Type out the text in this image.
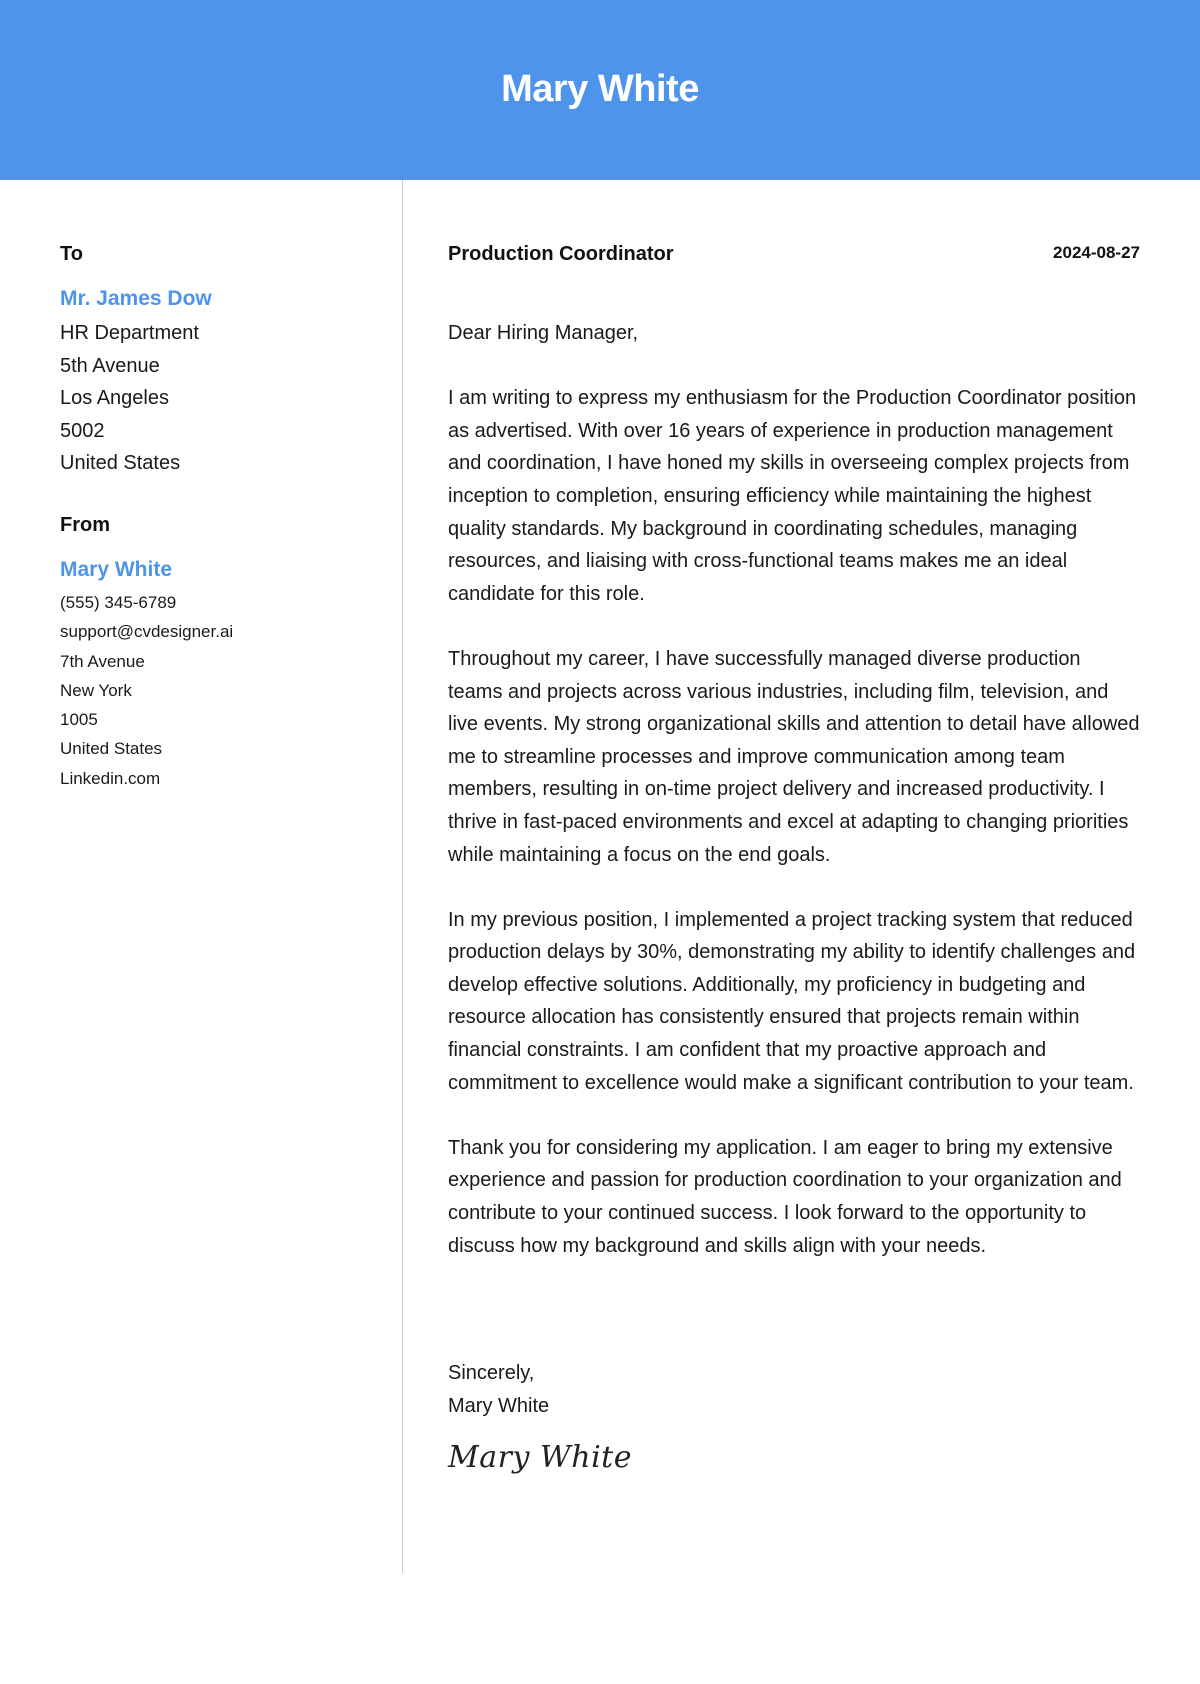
Mary White
To
Mr. James Dow
HR Department
5th Avenue
Los Angeles
5002
United States
From
Mary White
(555) 345-6789
support@cvdesigner.ai
7th Avenue
New York
1005
United States
Linkedin.com
Production Coordinator	2024-08-27

Dear Hiring Manager,

I am writing to express my enthusiasm for the Production Coordinator position as advertised. With over 16 years of experience in production management and coordination, I have honed my skills in overseeing complex projects from inception to completion, ensuring efficiency while maintaining the highest quality standards. My background in coordinating schedules, managing resources, and liaising with cross-functional teams makes me an ideal candidate for this role.

Throughout my career, I have successfully managed diverse production teams and projects across various industries, including film, television, and live events. My strong organizational skills and attention to detail have allowed me to streamline processes and improve communication among team members, resulting in on-time project delivery and increased productivity. I thrive in fast-paced environments and excel at adapting to changing priorities while maintaining a focus on the end goals.

In my previous position, I implemented a project tracking system that reduced production delays by 30%, demonstrating my ability to identify challenges and develop effective solutions. Additionally, my proficiency in budgeting and resource allocation has consistently ensured that projects remain within financial constraints. I am confident that my proactive approach and commitment to excellence would make a significant contribution to your team.

Thank you for considering my application. I am eager to bring my extensive experience and passion for production coordination to your organization and contribute to your continued success. I look forward to the opportunity to discuss how my background and skills align with your needs.

Sincerely,
Mary White
Mary White
